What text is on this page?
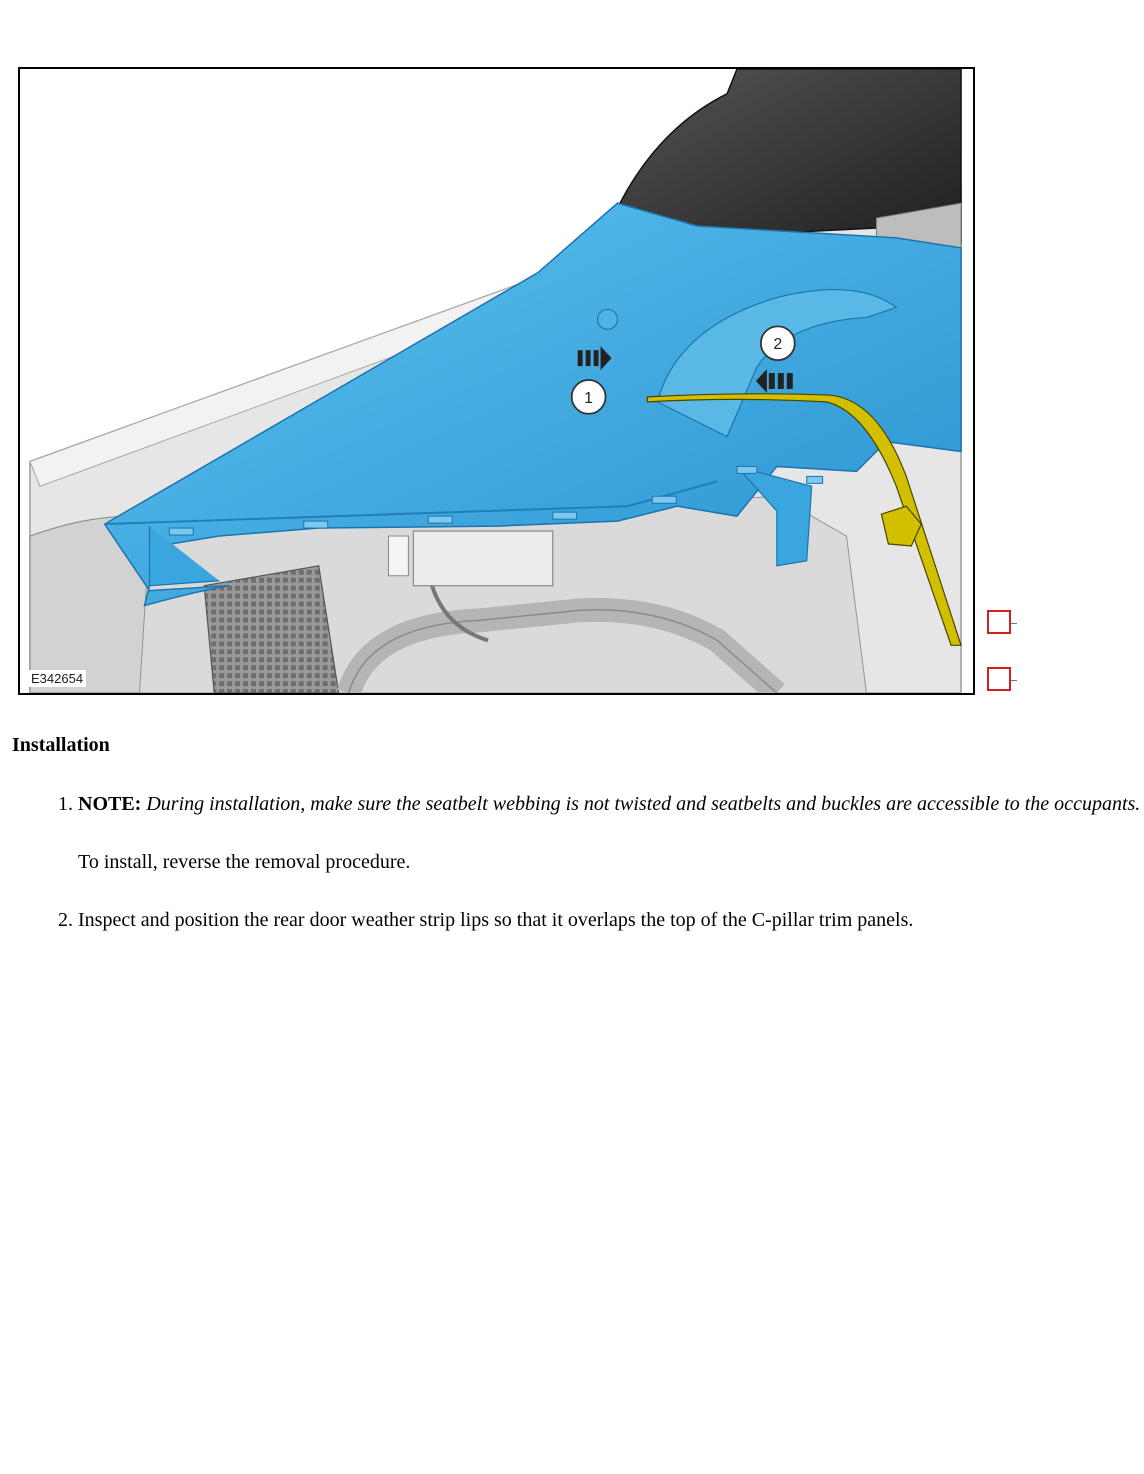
1
2
E342654
Installation
1. NOTE: During installation, make sure the seatbelt webbing is not twisted and seatbelts and buckles are accessible to the occupants.

To install, reverse the removal procedure.

2. Inspect and position the rear door weather strip lips so that it overlaps the top of the C-pillar trim panels.
